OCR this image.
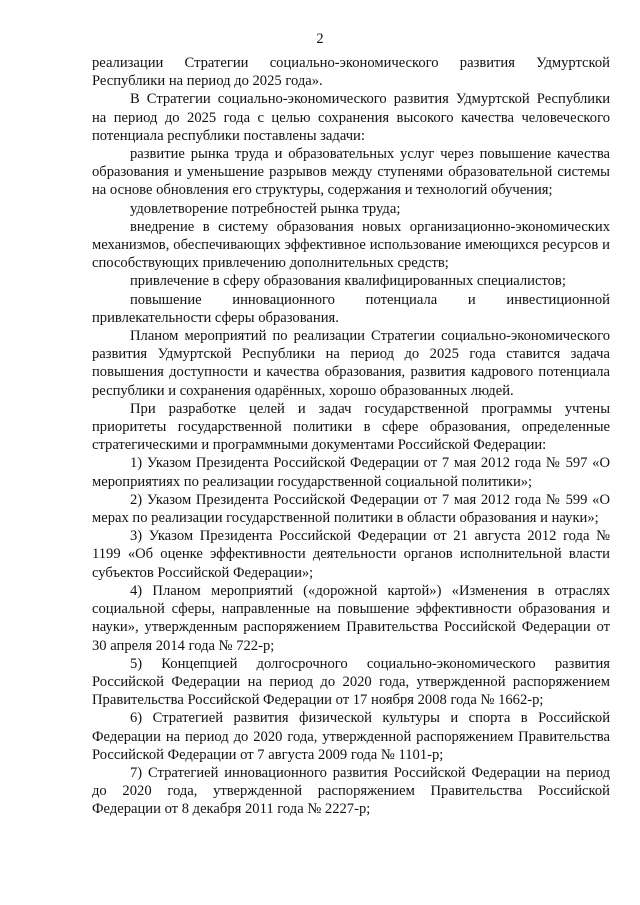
2

реализации Стратегии социально-экономического развития Удмуртской Республики на период до 2025 года».

В Стратегии социально-экономического развития Удмуртской Республики на период до 2025 года с целью сохранения высокого качества человеческого потенциала республики поставлены задачи:

развитие рынка труда и образовательных услуг через повышение качества образования и уменьшение разрывов между ступенями образовательной системы на основе обновления его структуры, содержания и технологий обучения;

удовлетворение потребностей рынка труда;

внедрение в систему образования новых организационно-экономических механизмов, обеспечивающих эффективное использование имеющихся ресурсов и способствующих привлечению дополнительных средств;

привлечение в сферу образования квалифицированных специалистов;

повышение инновационного потенциала и инвестиционной привлекательности сферы образования.

Планом мероприятий по реализации Стратегии социально-экономического развития Удмуртской Республики на период до 2025 года ставится задача повышения доступности и качества образования, развития кадрового потенциала республики и сохранения одарённых, хорошо образованных людей.

При разработке целей и задач государственной программы учтены приоритеты государственной политики в сфере образования, определенные стратегическими и программными документами Российской Федерации:

1) Указом Президента Российской Федерации от 7 мая 2012 года № 597 «О мероприятиях по реализации государственной социальной политики»;

2) Указом Президента Российской Федерации от 7 мая 2012 года № 599 «О мерах по реализации государственной политики в области образования и науки»;

3) Указом Президента Российской Федерации от 21 августа 2012 года № 1199 «Об оценке эффективности деятельности органов исполнительной власти субъектов Российской Федерации»;

4) Планом мероприятий («дорожной картой») «Изменения в отраслях социальной сферы, направленные на повышение эффективности образования и науки», утвержденным распоряжением Правительства Российской Федерации от 30 апреля 2014 года № 722-р;

5) Концепцией долгосрочного социально-экономического развития Российской Федерации на период до 2020 года, утвержденной распоряжением Правительства Российской Федерации от 17 ноября 2008 года № 1662-р;

6) Стратегией развития физической культуры и спорта в Российской Федерации на период до 2020 года, утвержденной распоряжением Правительства Российской Федерации от 7 августа 2009 года № 1101-р;

7) Стратегией инновационного развития Российской Федерации на период до 2020 года, утвержденной распоряжением Правительства Российской Федерации от 8 декабря 2011 года № 2227-р;
